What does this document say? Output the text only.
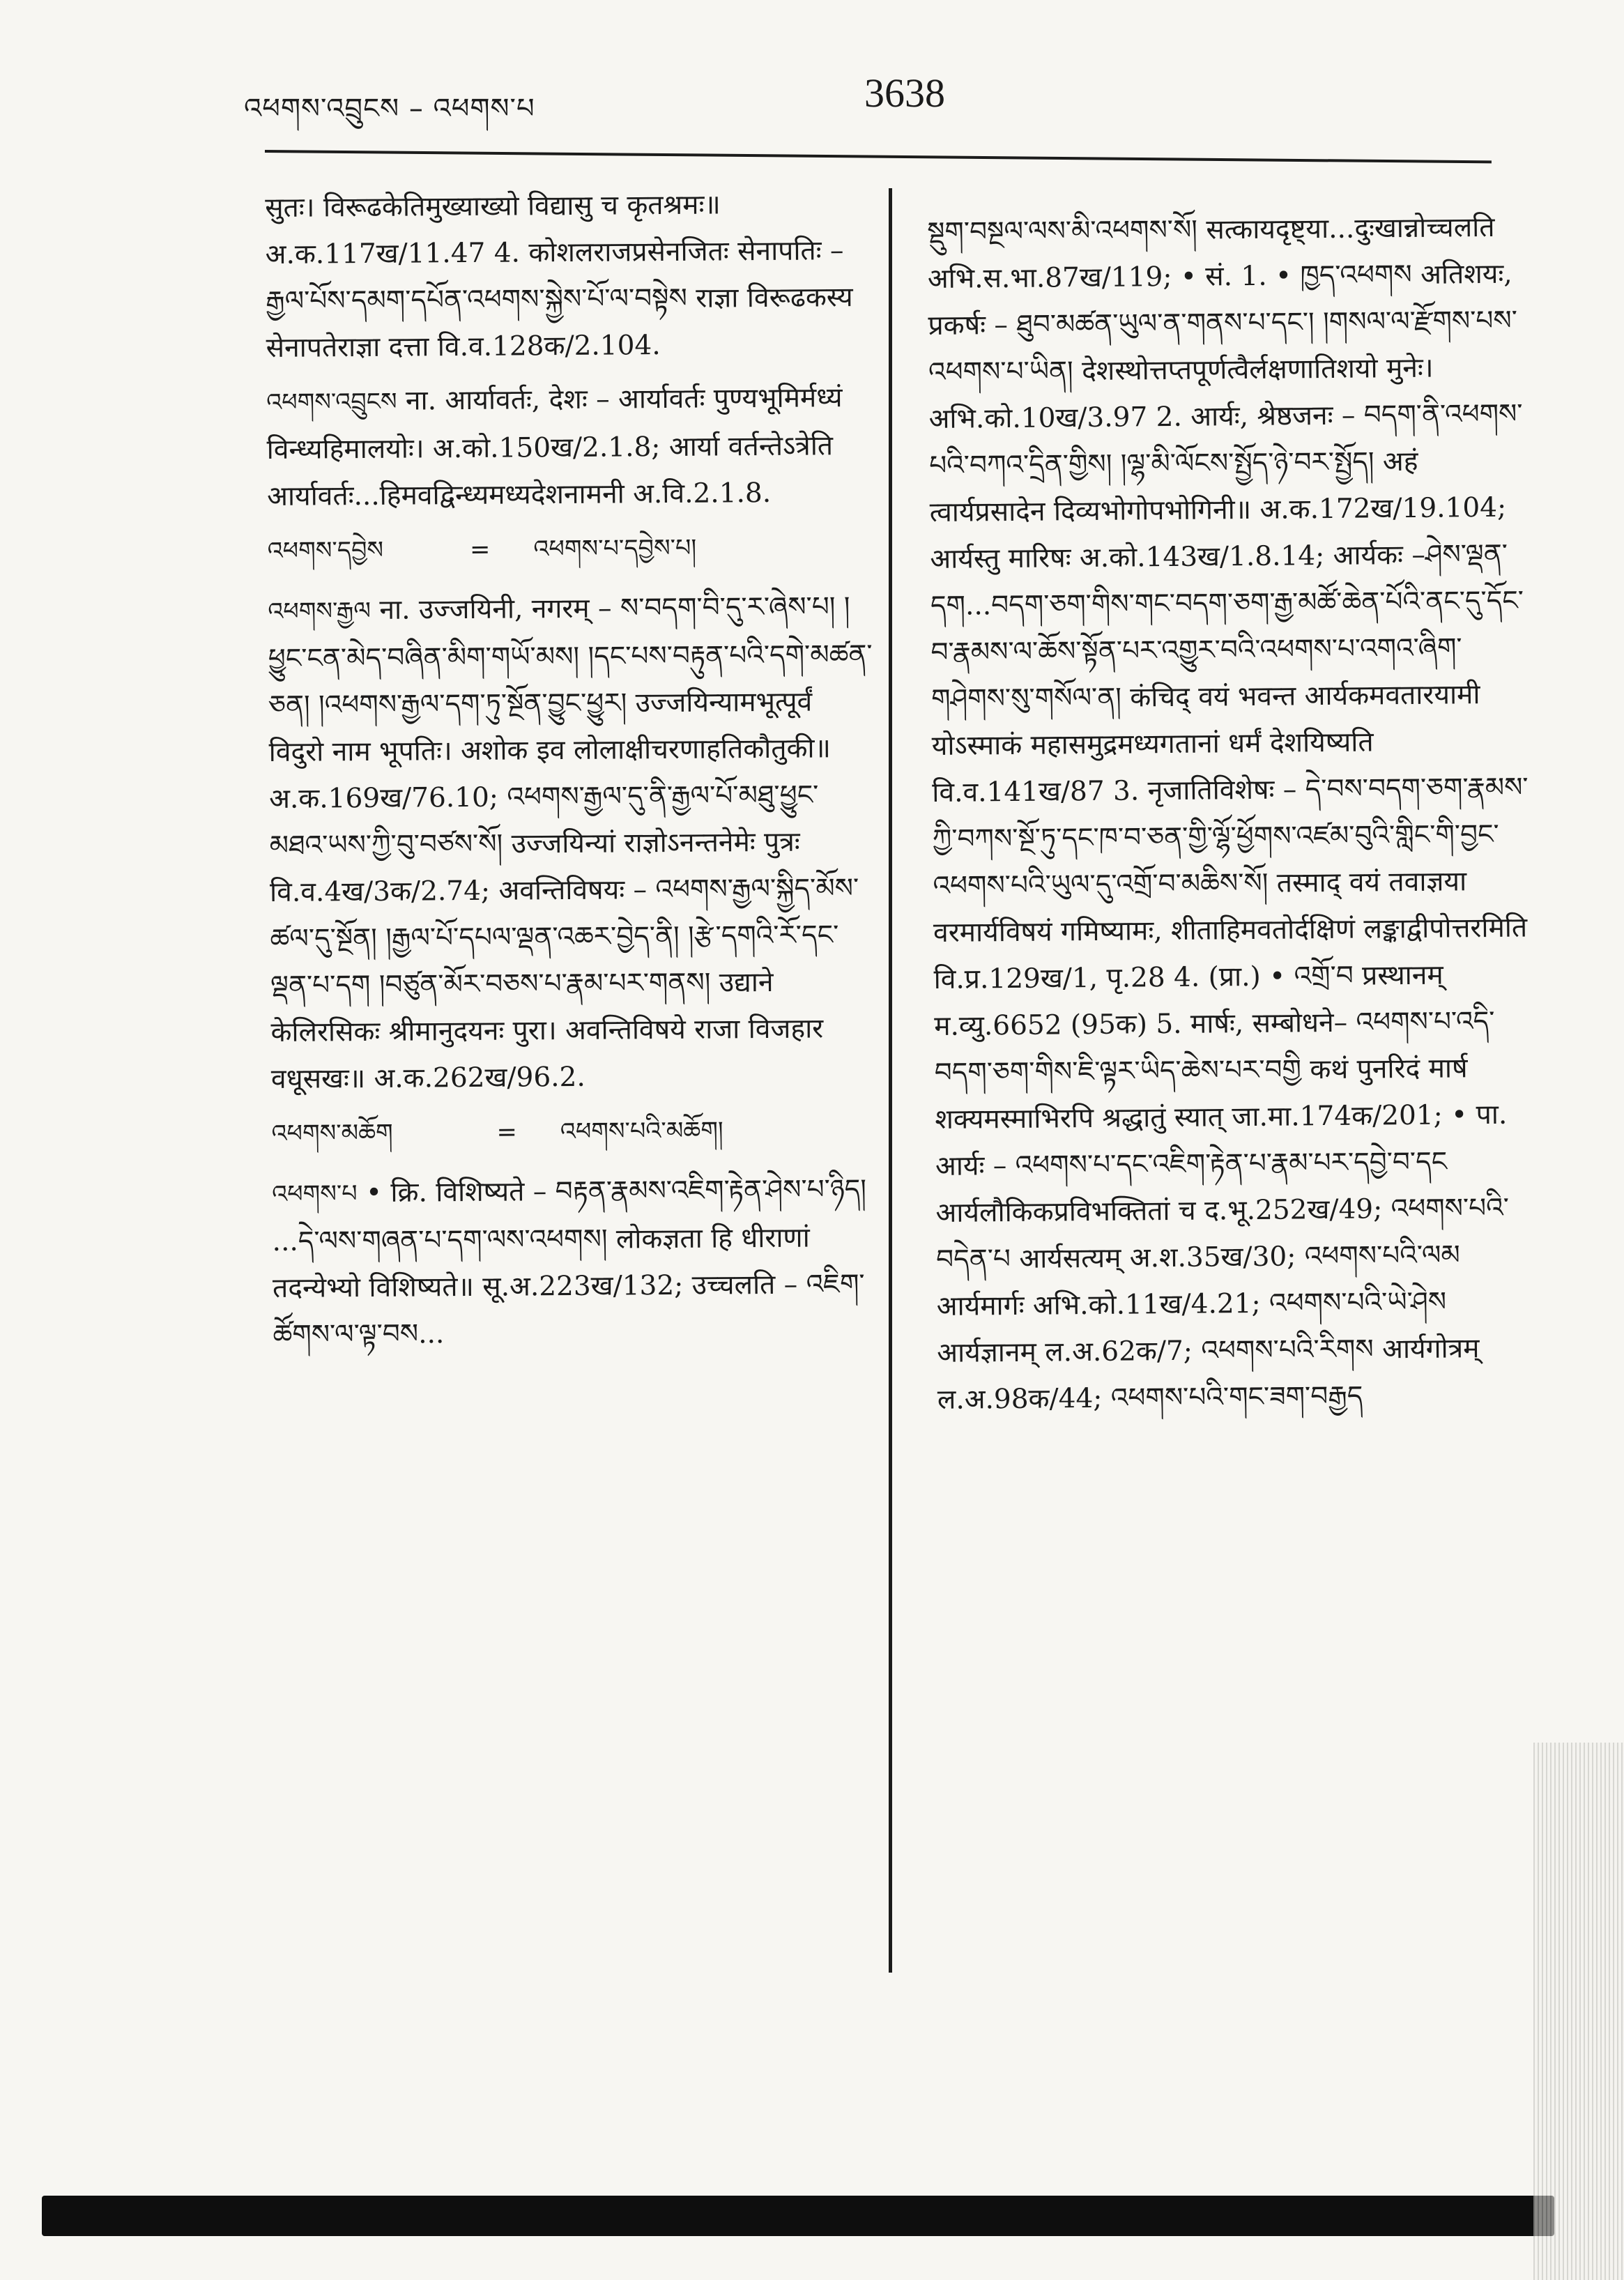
འཕགས་འབྲུངས – འཕགས་པ	3638
सुतः। विरूढकेतिमुख्याख्यो विद्यासु च कृतश्रमः॥ अ.क.117ख/11.47 4. कोशलराजप्रसेनजितः सेनापतिः – རྒྱལ་པོས་དམག་དཔོན་འཕགས་སྐྱེས་པོ་ལ་བསྟེས राज्ञा विरूढकस्य सेनापतेराज्ञा दत्ता वि.व.128क/2.104.
འཕགས་འབྲུངས ना. आर्यावर्तः, देशः – आर्यावर्तः पुण्यभूमिर्मध्यं विन्ध्यहिमालयोः। अ.को.150ख/2.1.8; आर्या वर्तन्तेऽत्रेति आर्यावर्तः...हिमवद्विन्ध्यमध्यदेशनामनी अ.वि.2.1.8.
འཕགས་དབྱེས	= འཕགས་པ་དབྱེས་པ།
འཕགས་རྒྱལ ना. उज्जयिनी, नगरम् – ས་བདག་བི་དུ་ར་ཞེས་པ། །ཕྱུང་ངན་མེད་བཞིན་མིག་གཡོ་མས། །དང་པས་བརྟུན་པའི་དགེ་མཚན་ཅན། །འཕགས་རྒྱལ་དག་ཏུ་སྔོན་བྱུང་ཕྱུར། उज्जयिन्यामभूत्पूर्वं विदुरो नाम भूपतिः। अशोक इव लोलाक्षीचरणाहतिकौतुकी॥ अ.क.169ख/76.10; འཕགས་རྒྱལ་དུ་ནི་རྒྱལ་པོ་མཐུ་ཕྱུང་མཐའ་ཡས་ཀྱི་བུ་བཙས་སོ། उज्जयिन्यां राज्ञोऽनन्तनेमेः पुत्रः वि.व.4ख/3क/2.74; अवन्तिविषयः – འཕགས་རྒྱལ་སྐྱིད་མོས་ཚལ་དུ་སྔོན། །རྒྱལ་པོ་དཔལ་ལྡན་འཆར་བྱེད་ནི། །རྩེ་དགའི་རོ་དང་ལྡན་པ་དག །བཙུན་མོར་བཅས་པ་རྣམ་པར་གནས། उद्याने केलिरसिकः श्रीमानुदयनः पुरा। अवन्तिविषये राजा विजहार वधूसखः॥ अ.क.262ख/96.2.
འཕགས་མཆོག	= འཕགས་པའི་མཆོག།
འཕགས་པ • क्रि. विशिष्यते – བརྟན་རྣམས་འཇིག་རྟེན་ཤེས་པ་ཉིད། ...དེ་ལས་གཞན་པ་དག་ལས་འཕགས། लोकज्ञता हि धीराणां तदन्येभ्यो विशिष्यते॥ सू.अ.223ख/132; उच्चलति – འཇིག་ཚོགས་ལ་ལྟ་བས...
སྡུག་བསྔལ་ལས་མི་འཕགས་སོ། सत्कायदृष्ट्या...दुःखान्नोच्चलति अभि.स.भा.87ख/119; • सं. 1. • ཁྱད་འཕགས अतिशयः, प्रकर्षः – ཐུབ་མཚན་ཡུལ་ན་གནས་པ་དང་། །གསལ་ལ་རྫོགས་པས་འཕགས་པ་ཡིན། देशस्थोत्तप्तपूर्णत्वैर्लक्षणातिशयो मुनेः। अभि.को.10ख/3.97 2. आर्यः, श्रेष्ठजनः – བདག་ནི་འཕགས་པའི་བཀའ་དྲིན་གྱིས། །ལྷ་མི་ལོངས་སྤྱོད་ཉེ་བར་སྤྱོད། अहं त्वार्यप्रसादेन दिव्यभोगोपभोगिनी॥ अ.क.172ख/19.104; आर्यस्तु मारिषः अ.को.143ख/1.8.14; आर्यकः –ཤེས་ལྡན་དག...བདག་ཅག་གིས་གང་བདག་ཅག་རྒྱ་མཚོ་ཆེན་པོའི་ནང་དུ་དོང་བ་རྣམས་ལ་ཆོས་སྟོན་པར་འགྱུར་བའི་འཕགས་པ་འགའ་ཞིག་གཤེགས་སུ་གསོལ་ན། कंचिद् वयं भवन्त आर्यकमवतारयामी योऽस्माकं महासमुद्रमध्यगतानां धर्मं देशयिष्यति वि.व.141ख/87 3. नृजातिविशेषः – དེ་བས་བདག་ཅག་རྣམས་ཀྱི་བཀས་སྔོ་ཏུ་དང་ཁ་བ་ཅན་གྱི་ལྷོ་ཕྱོགས་འཛམ་བུའི་གླིང་གི་བྱང་འཕགས་པའི་ཡུལ་དུ་འགྲོ་བ་མཆིས་སོ། तस्माद् वयं तवाज्ञया वरमार्यविषयं गमिष्यामः, शीताहिमवतोर्दक्षिणं लङ्काद्वीपोत्तरमिति वि.प्र.129ख/1, पृ.28 4. (प्रा.) • འགྲོ་བ प्रस्थानम् म.व्यु.6652 (95क) 5. मार्षः, सम्बोधने– འཕགས་པ་འདི་བདག་ཅག་གིས་ཇི་ལྟར་ཡིད་ཆེས་པར་བགྱི कथं पुनरिदं मार्ष शक्यमस्माभिरपि श्रद्धातुं स्यात् जा.मा.174क/201; • पा. आर्यः – འཕགས་པ་དང་འཇིག་རྟེན་པ་རྣམ་པར་དབྱེ་བ་དང आर्यलौकिकप्रविभक्तितां च द.भू.252ख/49; འཕགས་པའི་བདེན་པ आर्यसत्यम् अ.श.35ख/30; འཕགས་པའི་ལམ आर्यमार्गः अभि.को.11ख/4.21; འཕགས་པའི་ཡེ་ཤེས आर्यज्ञानम् ल.अ.62क/7; འཕགས་པའི་རིགས आर्यगोत्रम् ल.अ.98क/44; འཕགས་པའི་གང་ཟག་བརྒྱད
